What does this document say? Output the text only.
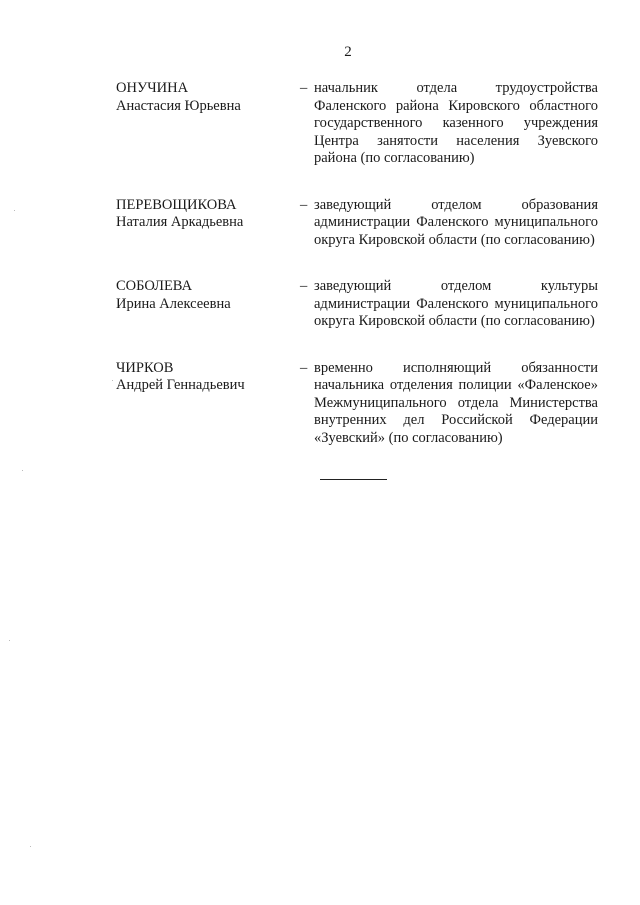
2
ОНУЧИНА
Анастасия Юрьевна
– начальник отдела трудоустройства Фаленского района Кировского областного государственного казенного учреждения Центра занятости населения Зуевского района (по согласованию)
ПЕРЕВОЩИКОВА
Наталия Аркадьевна
– заведующий отделом образования администрации Фаленского муниципального округа Кировской области (по согласованию)
СОБОЛЕВА
Ирина Алексеевна
– заведующий отделом культуры администрации Фаленского муниципального округа Кировской области (по согласованию)
ЧИРКОВ
Андрей Геннадьевич
– временно исполняющий обязанности начальника отделения полиции «Фаленское» Межмуниципального отдела Министерства внутренних дел Российской Федерации «Зуевский» (по согласованию)
